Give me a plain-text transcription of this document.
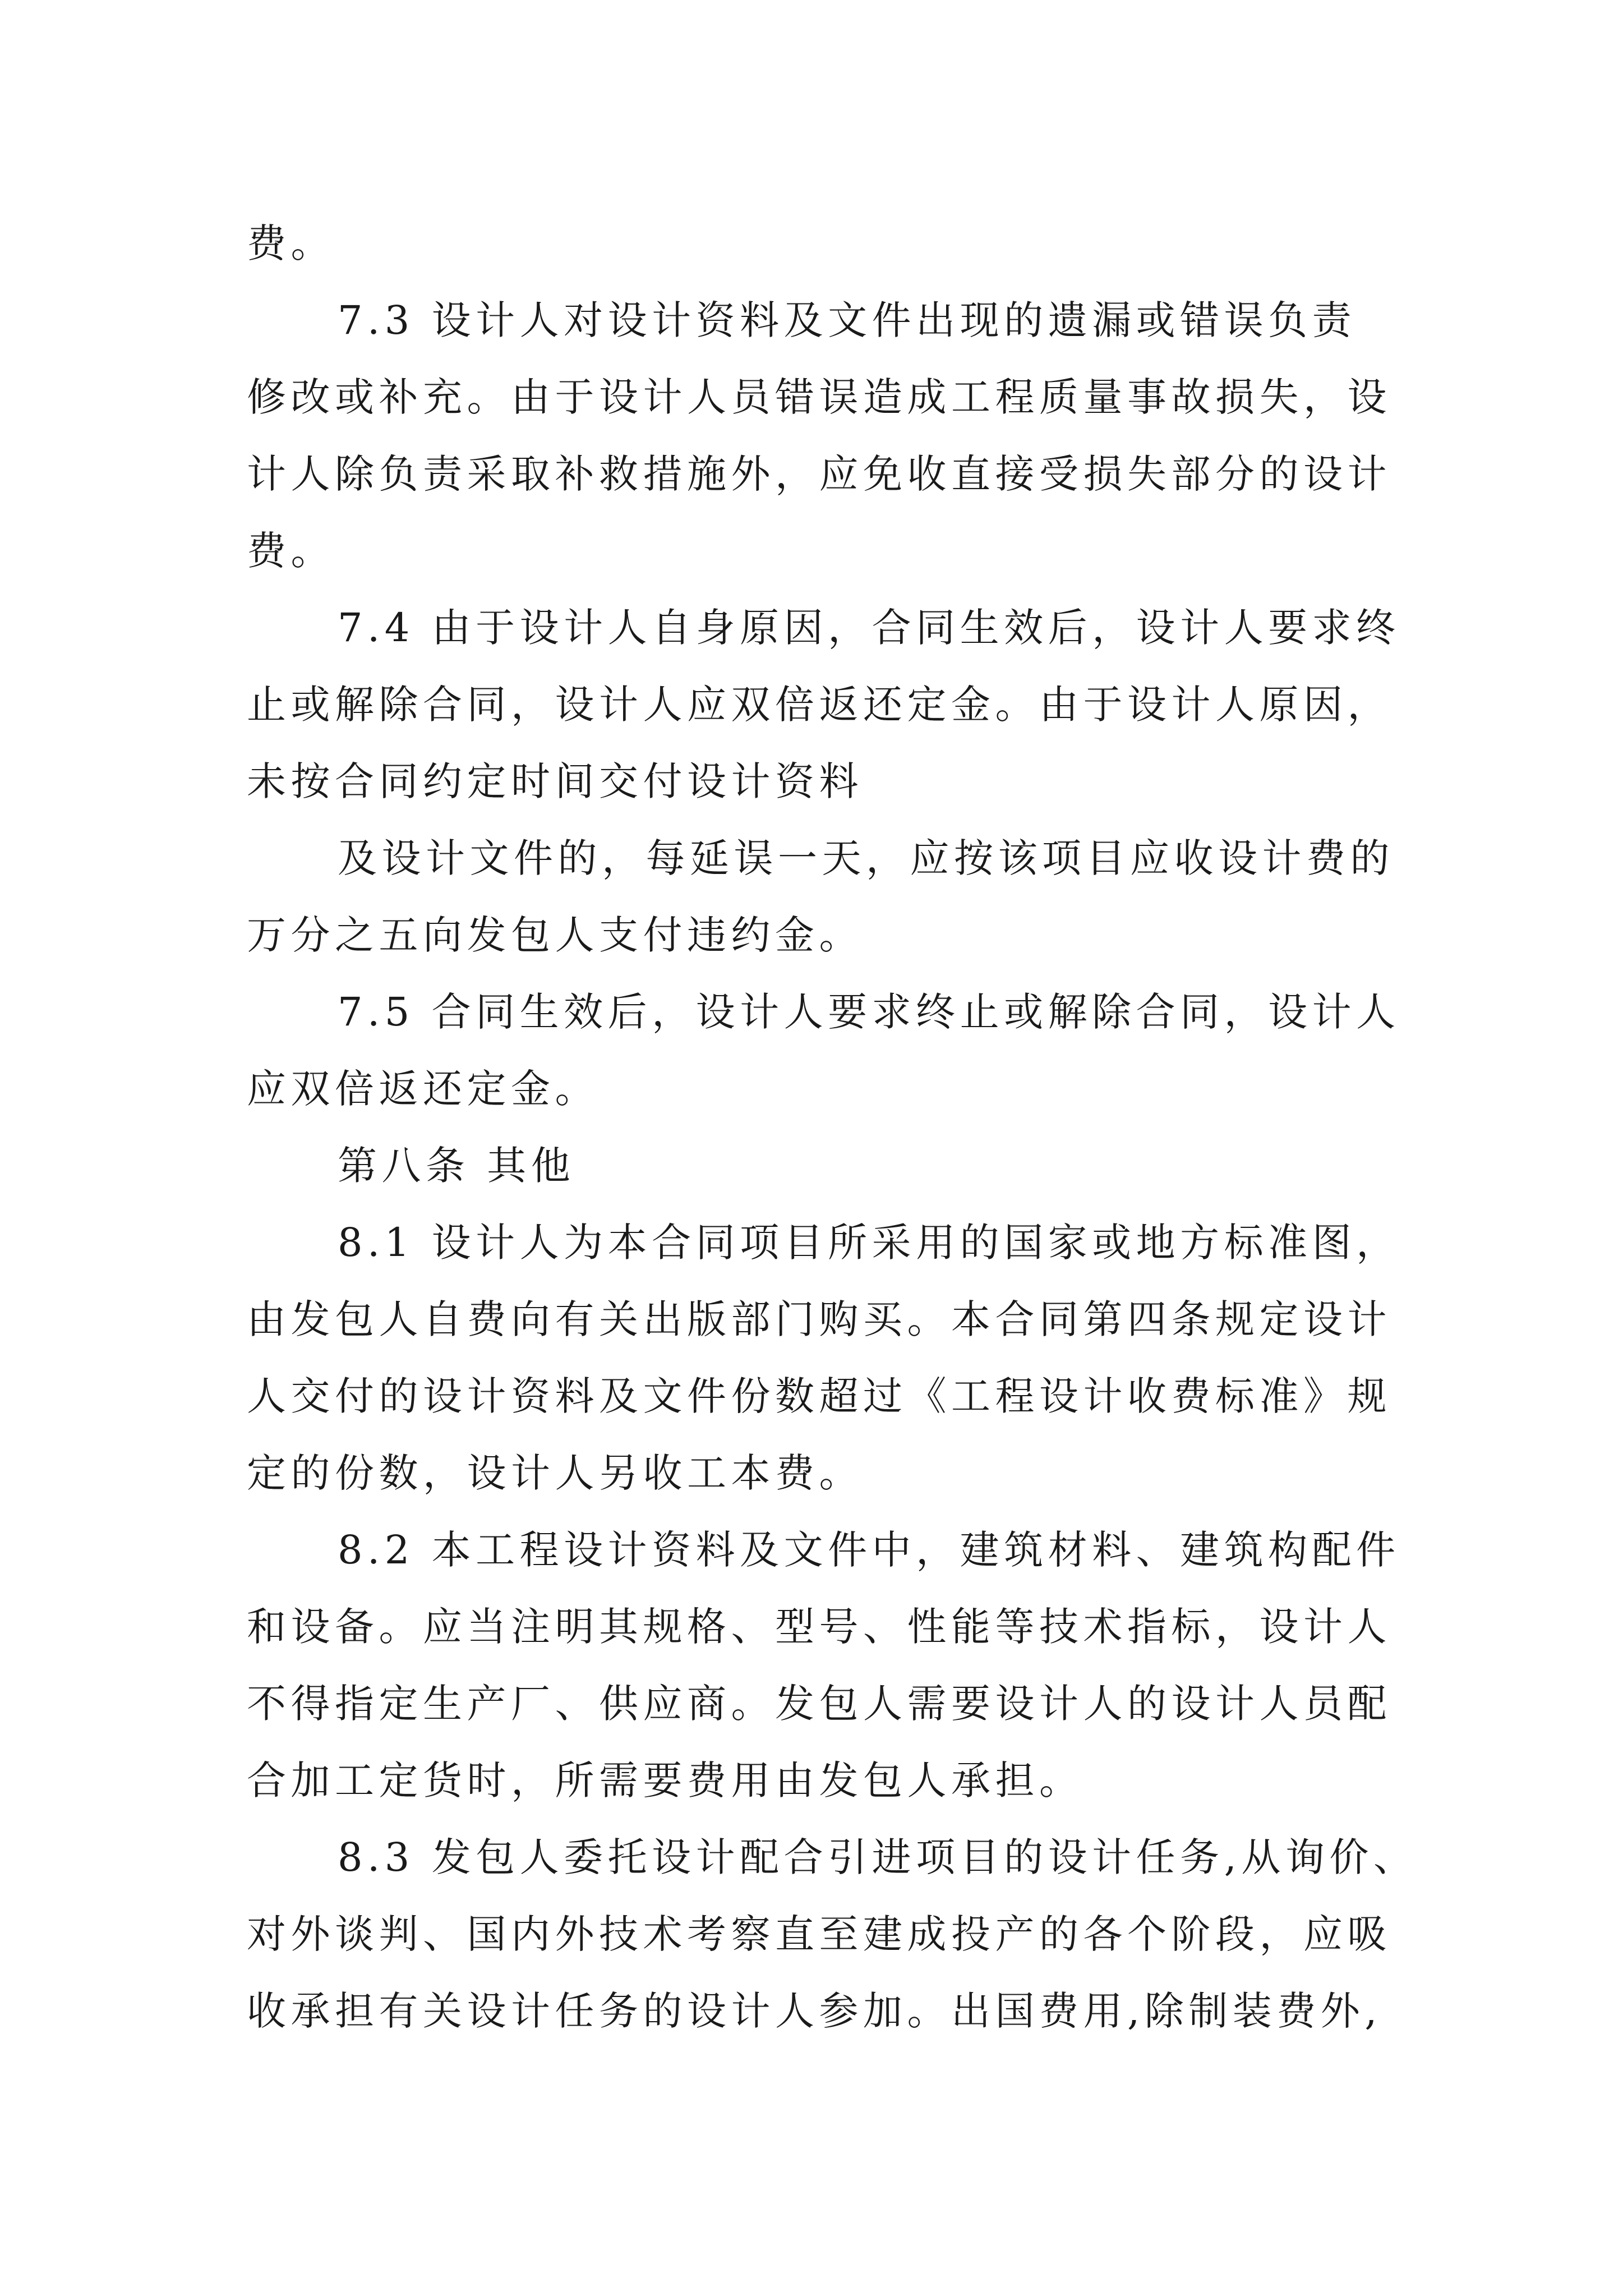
费。
7.3 设计人对设计资料及文件出现的遗漏或错误负责
修改或补充。由于设计人员错误造成工程质量事故损失，设
计人除负责采取补救措施外，应免收直接受损失部分的设计
费。
7.4 由于设计人自身原因，合同生效后，设计人要求终
止或解除合同，设计人应双倍返还定金。由于设计人原因，
未按合同约定时间交付设计资料
及设计文件的，每延误一天，应按该项目应收设计费的
万分之五向发包人支付违约金。
7.5 合同生效后，设计人要求终止或解除合同，设计人
应双倍返还定金。
第八条 其他
8.1 设计人为本合同项目所采用的国家或地方标准图，
由发包人自费向有关出版部门购买。本合同第四条规定设计
人交付的设计资料及文件份数超过《工程设计收费标准》规
定的份数，设计人另收工本费。
8.2 本工程设计资料及文件中，建筑材料、建筑构配件
和设备。应当注明其规格、型号、性能等技术指标，设计人
不得指定生产厂、供应商。发包人需要设计人的设计人员配
合加工定货时，所需要费用由发包人承担。
8.3 发包人委托设计配合引进项目的设计任务,从询价、
对外谈判、国内外技术考察直至建成投产的各个阶段，应吸
收承担有关设计任务的设计人参加。出国费用,除制装费外,
